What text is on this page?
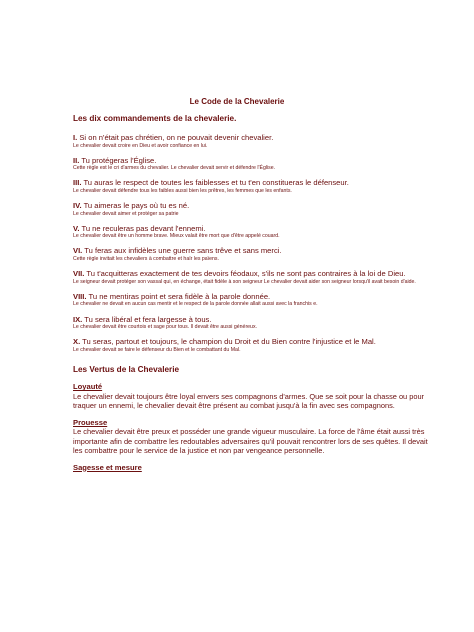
Le Code de la Chevalerie
Les dix commandements de la chevalerie.
I. Si on n'était pas chrétien, on ne pouvait devenir chevalier.
Le chevalier devait croire en Dieu et avoir confiance en lui.
II. Tu protégeras l'Église.
Cette règle est le cri d'armes du chevalier. Le chevalier devait servir et défendre l'Église.
III. Tu auras le respect de toutes les faiblesses et tu t'en constitueras le défenseur.
Le chevalier devait défendre tous les faibles aussi bien les prêtres, les femmes que les enfants.
IV. Tu aimeras le pays où tu es né.
Le chevalier devait aimer et protéger sa patrie
V. Tu ne reculeras pas devant l'ennemi.
Le chevalier devait être un homme brave. Mieux valait être mort que d'être appelé couard.
VI. Tu feras aux infidèles une guerre sans trêve et sans merci.
Cette règle invitait les chevaliers à combattre et haïr les païens.
VII. Tu t'acquitteras exactement de tes devoirs féodaux, s'ils ne sont pas contraires à la loi de Dieu.
Le seigneur devait protéger son vassal qui, en échange, était fidèle à son seigneur Le chevalier devait aider son seigneur lorsqu'il avait besoin d'aide.
VIII. Tu ne mentiras point et sera fidèle à la parole donnée.
Le chevalier ne devait en aucun cas mentir et le respect de la parole donnée allait aussi avec la franchis e.
IX. Tu sera libéral et fera largesse à tous.
Le chevalier devait être courtois et sage pour tous. Il devait être aussi généreux.
X. Tu seras, partout et toujours, le champion du Droit et du Bien contre l'injustice et le Mal.
Le chevalier devait se faire le défenseur du Bien et le combattant du Mal.
Les Vertus de la Chevalerie
Loyauté
Le chevalier devait toujours être loyal envers ses compagnons d'armes. Que se soit pour la chasse ou pour traquer un ennemi, le chevalier devait être présent au combat jusqu'à la fin avec ses compagnons.
Prouesse
Le chevalier devait être preux et posséder une grande vigueur musculaire. La force de l'âme était aussi très importante afin de combattre les redoutables adversaires qu'il pouvait rencontrer lors de ses quêtes. Il devait les combattre pour le service de la justice et non par vengeance personnelle.
Sagesse et mesure
